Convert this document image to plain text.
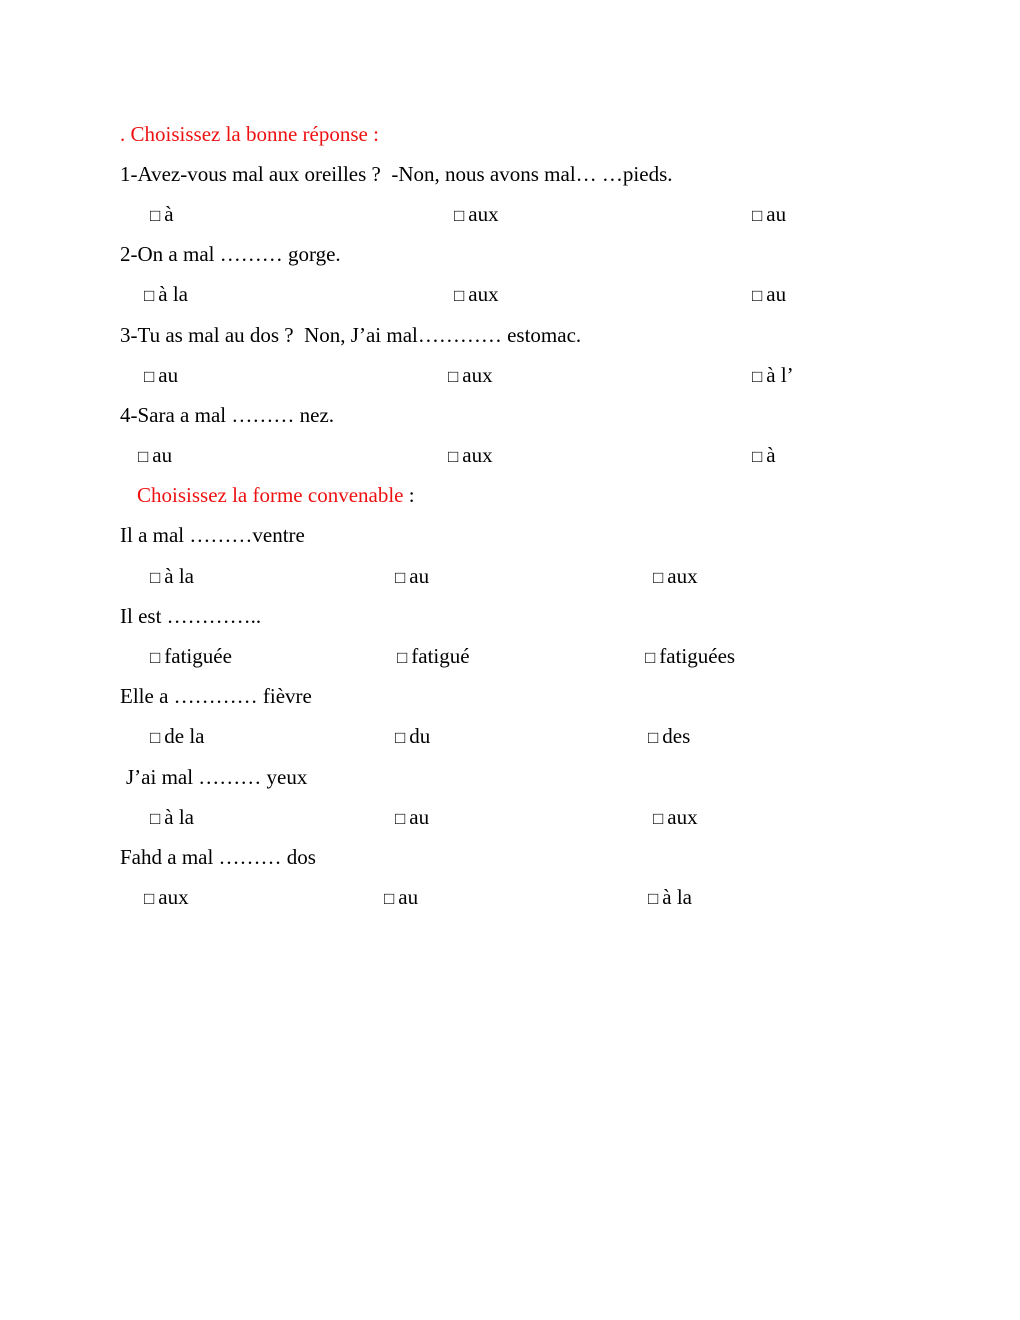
. Choisissez la bonne réponse :
1-Avez-vous mal aux oreilles ?  -Non, nous avons mal… …pieds.
□ à	□ aux	□ au
2-On a mal ……… gorge.
□ à la	□ aux	□ au
3-Tu as mal au dos ?  Non, J’ai mal………… estomac.
□ au	□ aux	□ à l’
4-Sara a mal ……… nez.
□ au	□ aux	□ à
Choisissez la forme convenable :
Il a mal ………ventre
□ à la	□ au	□ aux
Il est …………..
□ fatiguée	□ fatigué	□ fatiguées
Elle a ………… fièvre
□ de la	□ du	□ des
J’ai mal ……… yeux
□ à la	□ au	□ aux
Fahd a mal ……… dos
□ aux	□ au	□ à la
